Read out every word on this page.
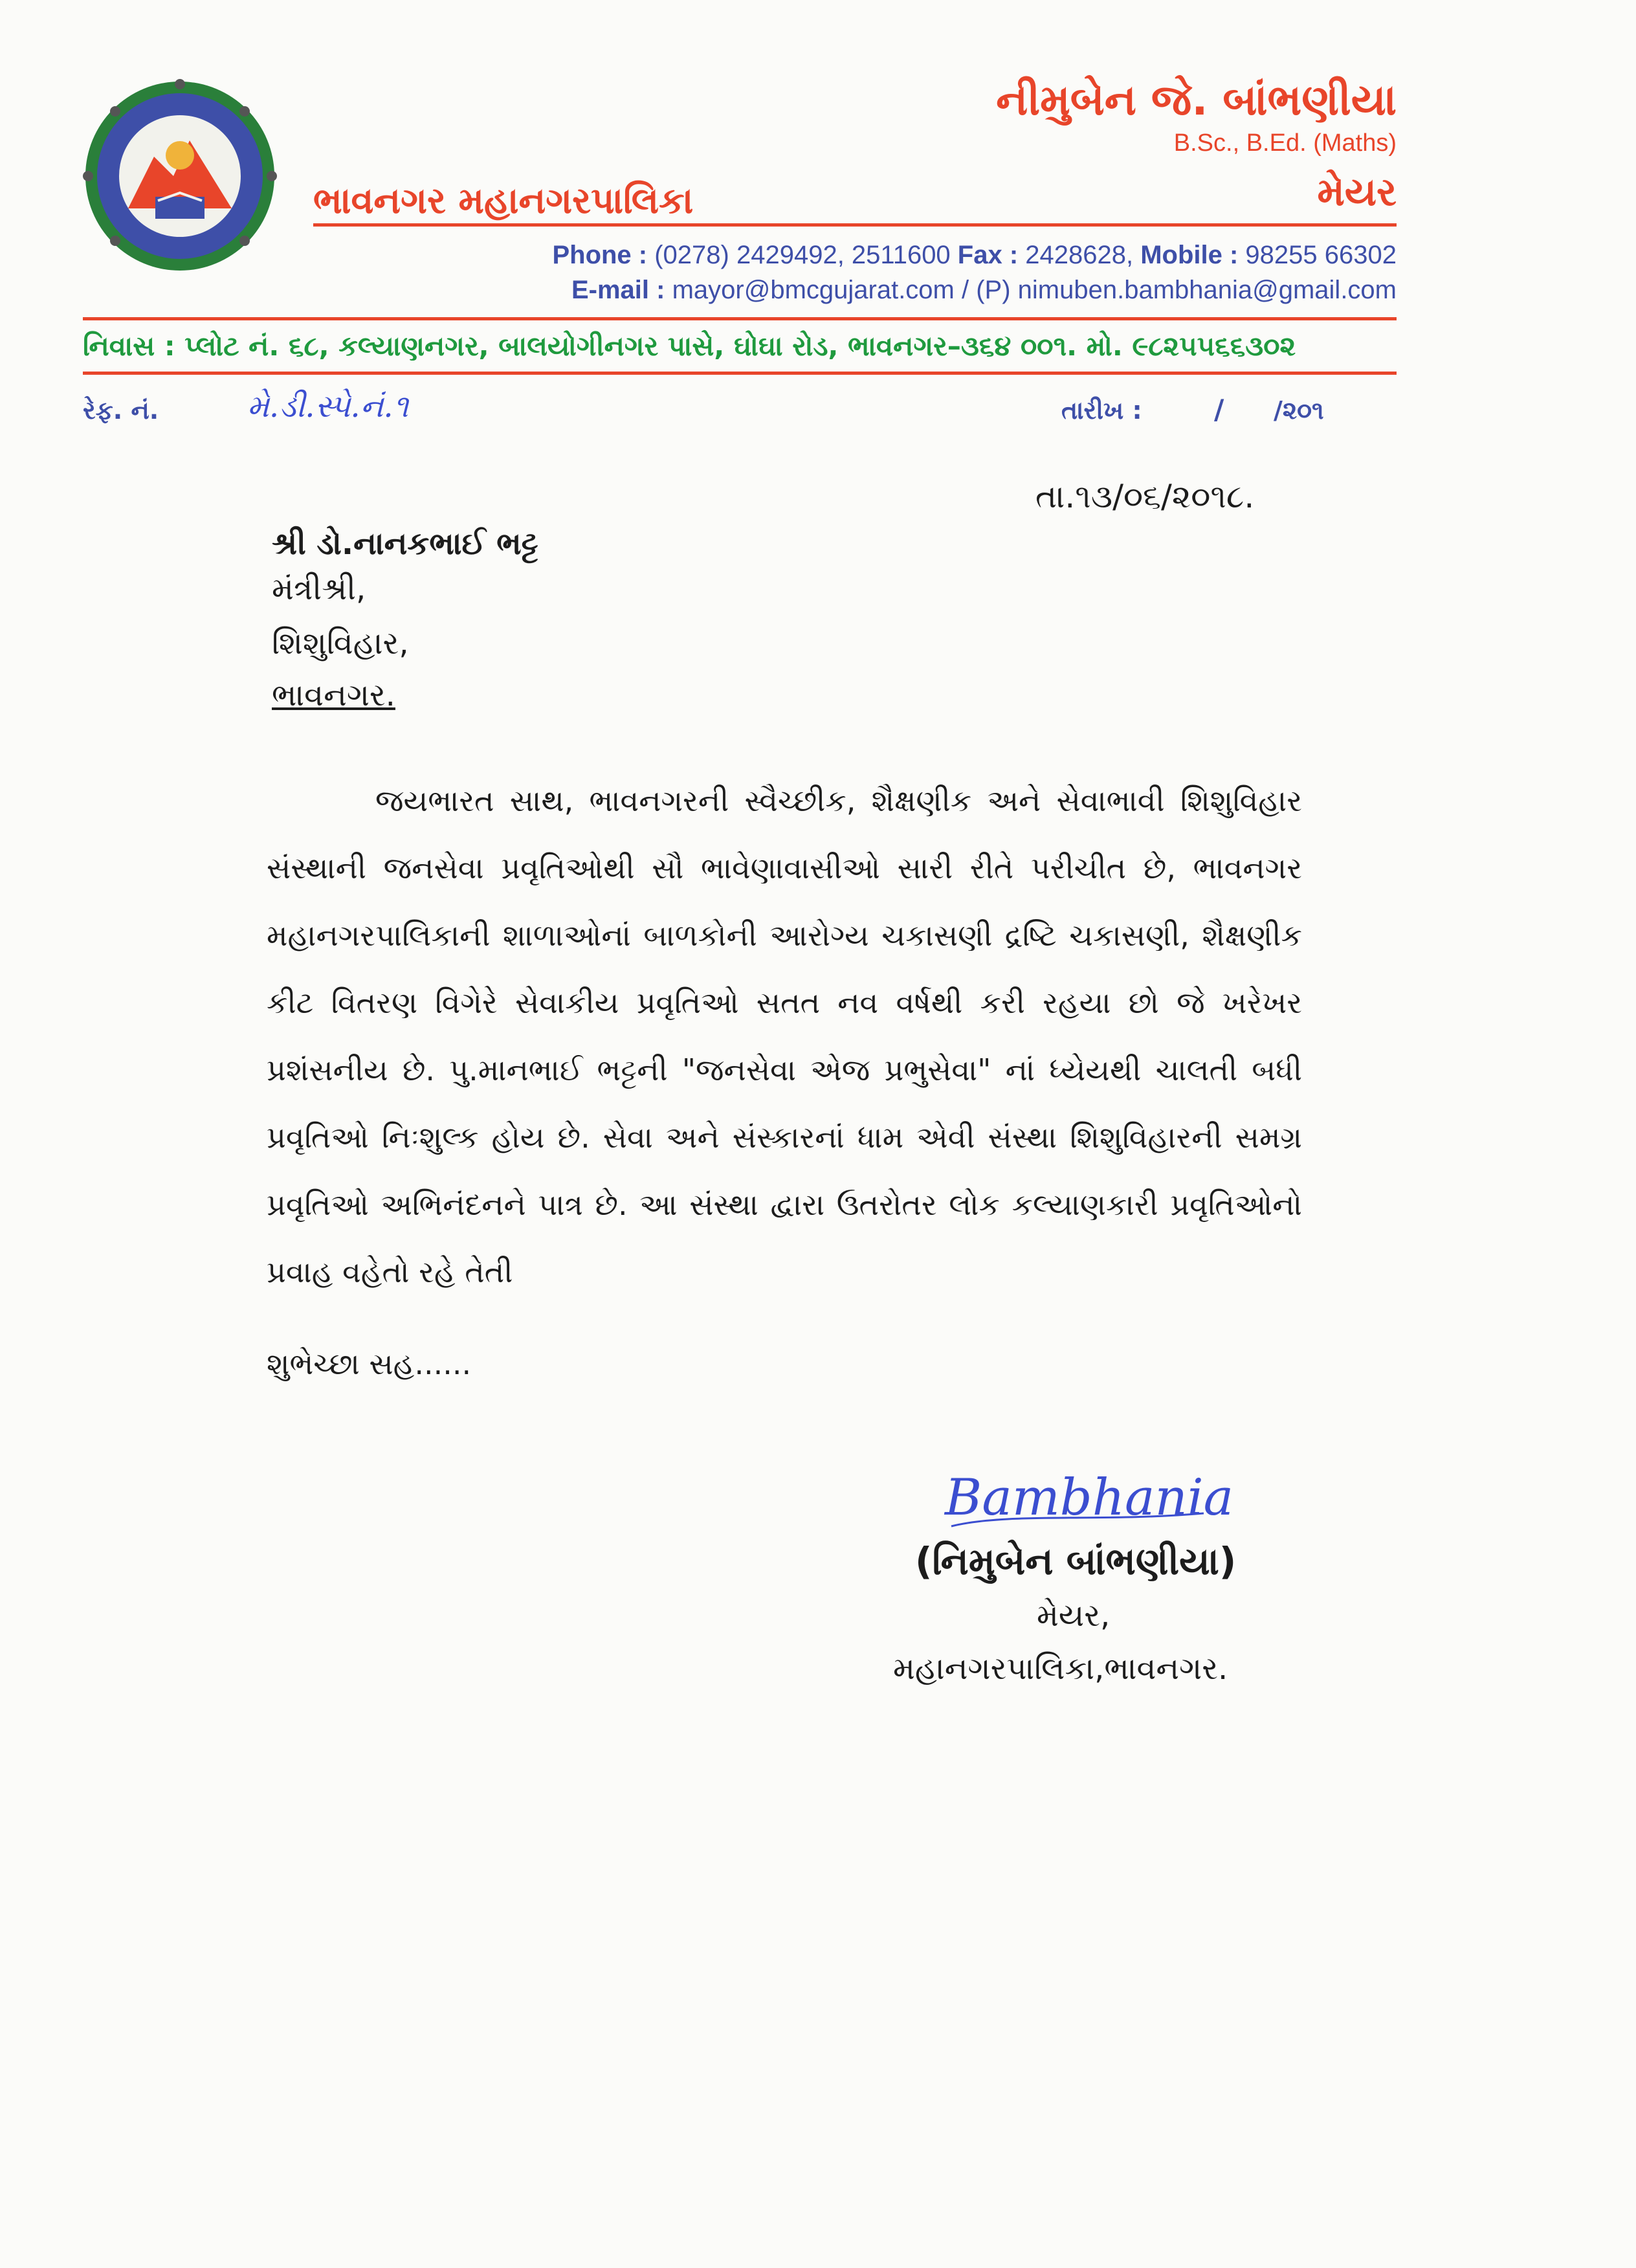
નીમુબેન જે. બાંભણીયા
B.Sc., B.Ed. (Maths)
મેયર
ભાવનગર મહાનગરપાલિકા
Phone : (0278) 2429492, 2511600 Fax : 2428628, Mobile : 98255 66302
E-mail : mayor@bmcgujarat.com / (P) nimuben.bambhania@gmail.com
નિવાસ : પ્લોટ નં. ૬૮, કલ્યાણનગર, બાલયોગીનગર પાસે, ઘોઘા રોડ, ભાવનગર–૩૬૪ ૦૦૧. મો. ૯૮૨૫૫૬૬૩૦૨
રેફ. નં.	મે.ડી.સ્પે.નં.૧	તારીખ :	/ /૨૦૧
તા.૧૩/૦૬/૨૦૧૮.
શ્રી ડો.નાનકભાઈ ભટ્ટ
મંત્રીશ્રી,
શિશુવિહાર,
ભાવનગર.
જયભારત સાથ, ભાવનગરની સ્વૈચ્છીક, શૈક્ષણીક અને સેવાભાવી શિશુવિહાર સંસ્થાની જનસેવા પ્રવૃતિઓથી સૌ ભાવેણાવાસીઓ સારી રીતે પરીચીત છે, ભાવનગર મહાનગરપાલિકાની શાળાઓનાં બાળકોની આરોગ્ય ચકાસણી દ્રષ્ટિ ચકાસણી, શૈક્ષણીક કીટ વિતરણ વિગેરે સેવાકીય પ્રવૃતિઓ સતત નવ વર્ષથી કરી રહયા છો જે ખરેખર પ્રશંસનીય છે. પુ.માનભાઈ ભટ્ટની "જનસેવા એજ પ્રભુસેવા" નાં ધ્યેયથી ચાલતી બધી પ્રવૃતિઓ નિઃશુલ્ક હોય છે. સેવા અને સંસ્કારનાં ધામ એવી સંસ્થા શિશુવિહારની સમગ્ર પ્રવૃતિઓ અભિનંદનને પાત્ર છે. આ સંસ્થા દ્વારા ઉતરોતર લોક કલ્યાણકારી પ્રવૃતિઓનો પ્રવાહ વહેતો રહે તેતી
શુભેચ્છા સહ......
Bambhania
(નિમુબેન બાંભણીયા)
મેયર,
મહાનગરપાલિકા,ભાવનગર.
